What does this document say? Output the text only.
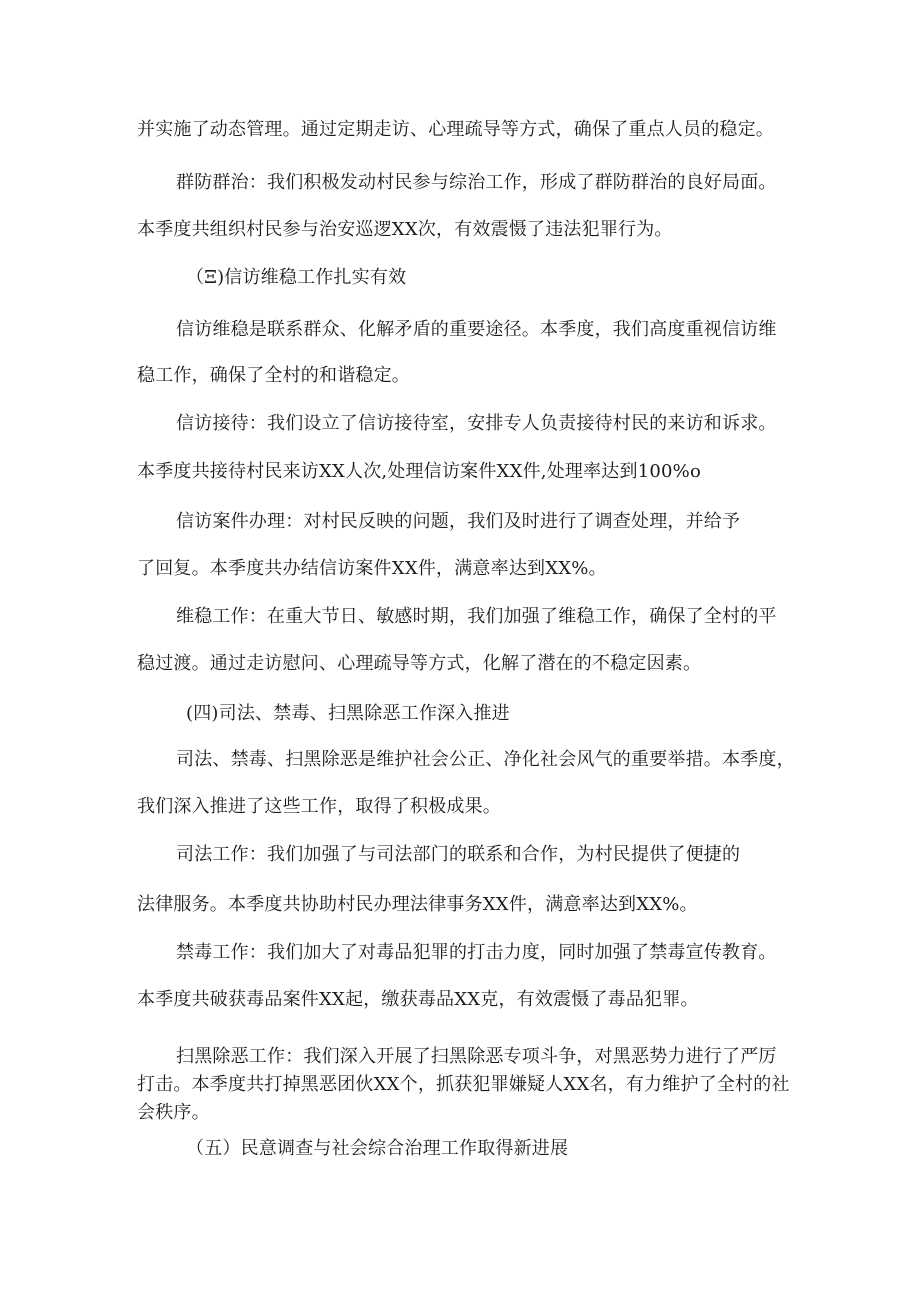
并实施了动态管理。通过定期走访、心理疏导等方式，确保了重点人员的稳定。
群防群治：我们积极发动村民参与综治工作，形成了群防群治的良好局面。
本季度共组织村民参与治安巡逻XX次，有效震慑了违法犯罪行为。
（Ξ)信访维稳工作扎实有效
信访维稳是联系群众、化解矛盾的重要途径。本季度，我们高度重视信访维
稳工作，确保了全村的和谐稳定。
信访接待：我们设立了信访接待室，安排专人负责接待村民的来访和诉求。
本季度共接待村民来访XX人次,处理信访案件XX件,处理率达到100%o
信访案件办理：对村民反映的问题，我们及时进行了调查处理，并给予
了回复。本季度共办结信访案件XX件，满意率达到XX%。
维稳工作：在重大节日、敏感时期，我们加强了维稳工作，确保了全村的平
稳过渡。通过走访慰问、心理疏导等方式，化解了潜在的不稳定因素。
(四)司法、禁毒、扫黑除恶工作深入推进
司法、禁毒、扫黑除恶是维护社会公正、净化社会风气的重要举措。本季度，
我们深入推进了这些工作，取得了积极成果。
司法工作：我们加强了与司法部门的联系和合作，为村民提供了便捷的
法律服务。本季度共协助村民办理法律事务XX件，满意率达到XX%。
禁毒工作：我们加大了对毒品犯罪的打击力度，同时加强了禁毒宣传教育。
本季度共破获毒品案件XX起，缴获毒品XX克，有效震慑了毒品犯罪。
扫黑除恶工作：我们深入开展了扫黑除恶专项斗争，对黑恶势力进行了严厉
打击。本季度共打掉黑恶团伙XX个，抓获犯罪嫌疑人XX名，有力维护了全村的社
会秩序。
（五）民意调查与社会综合治理工作取得新进展
